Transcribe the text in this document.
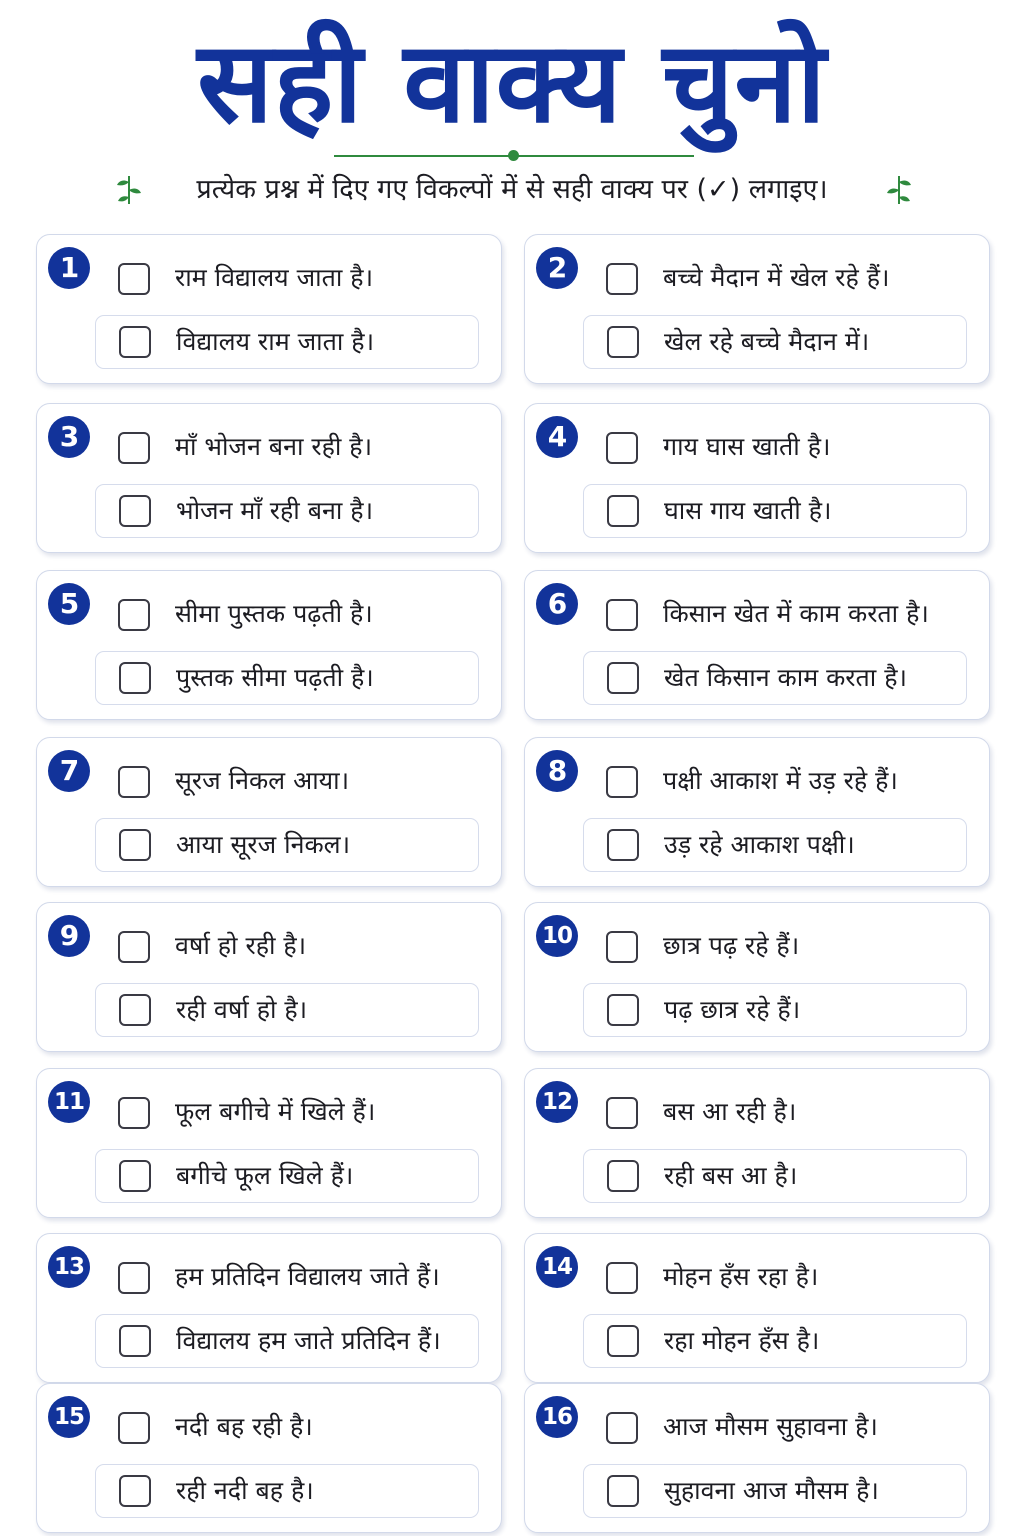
सही वाक्य चुनो
प्रत्येक प्रश्न में दिए गए विकल्पों में से सही वाक्य पर (✓) लगाइए।
1	राम विद्यालय जाता है।
विद्यालय राम जाता है।
2	बच्चे मैदान में खेल रहे हैं।
खेल रहे बच्चे मैदान में।
3	माँ भोजन बना रही है।
भोजन माँ रही बना है।
4	गाय घास खाती है।
घास गाय खाती है।
5	सीमा पुस्तक पढ़ती है।
पुस्तक सीमा पढ़ती है।
6	किसान खेत में काम करता है।
खेत किसान काम करता है।
7	सूरज निकल आया।
आया सूरज निकल।
8	पक्षी आकाश में उड़ रहे हैं।
उड़ रहे आकाश पक्षी।
9	वर्षा हो रही है।
रही वर्षा हो है।
10	छात्र पढ़ रहे हैं।
पढ़ छात्र रहे हैं।
11	फूल बगीचे में खिले हैं।
बगीचे फूल खिले हैं।
12	बस आ रही है।
रही बस आ है।
13	हम प्रतिदिन विद्यालय जाते हैं।
विद्यालय हम जाते प्रतिदिन हैं।
14	मोहन हँस रहा है।
रहा मोहन हँस है।
15	नदी बह रही है।
रही नदी बह है।
16	आज मौसम सुहावना है।
सुहावना आज मौसम है।
